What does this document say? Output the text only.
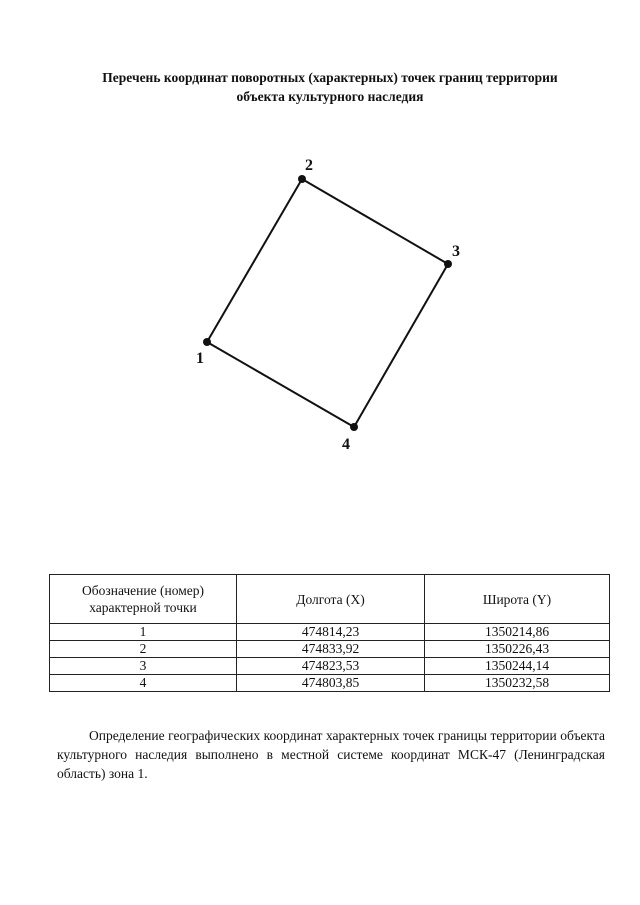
Перечень координат поворотных (характерных) точек границ территории
объекта культурного наследия
1
2
3
4
Обозначение (номер) характерной точки	Долгота (X)	Широта (Y)
1	474814,23	1350214,86
2	474833,92	1350226,43
3	474823,53	1350244,14
4	474803,85	1350232,58

Определение географических координат характерных точек границы территории объекта культурного наследия выполнено в местной системе координат МСК-47 (Ленинградская область) зона 1.
